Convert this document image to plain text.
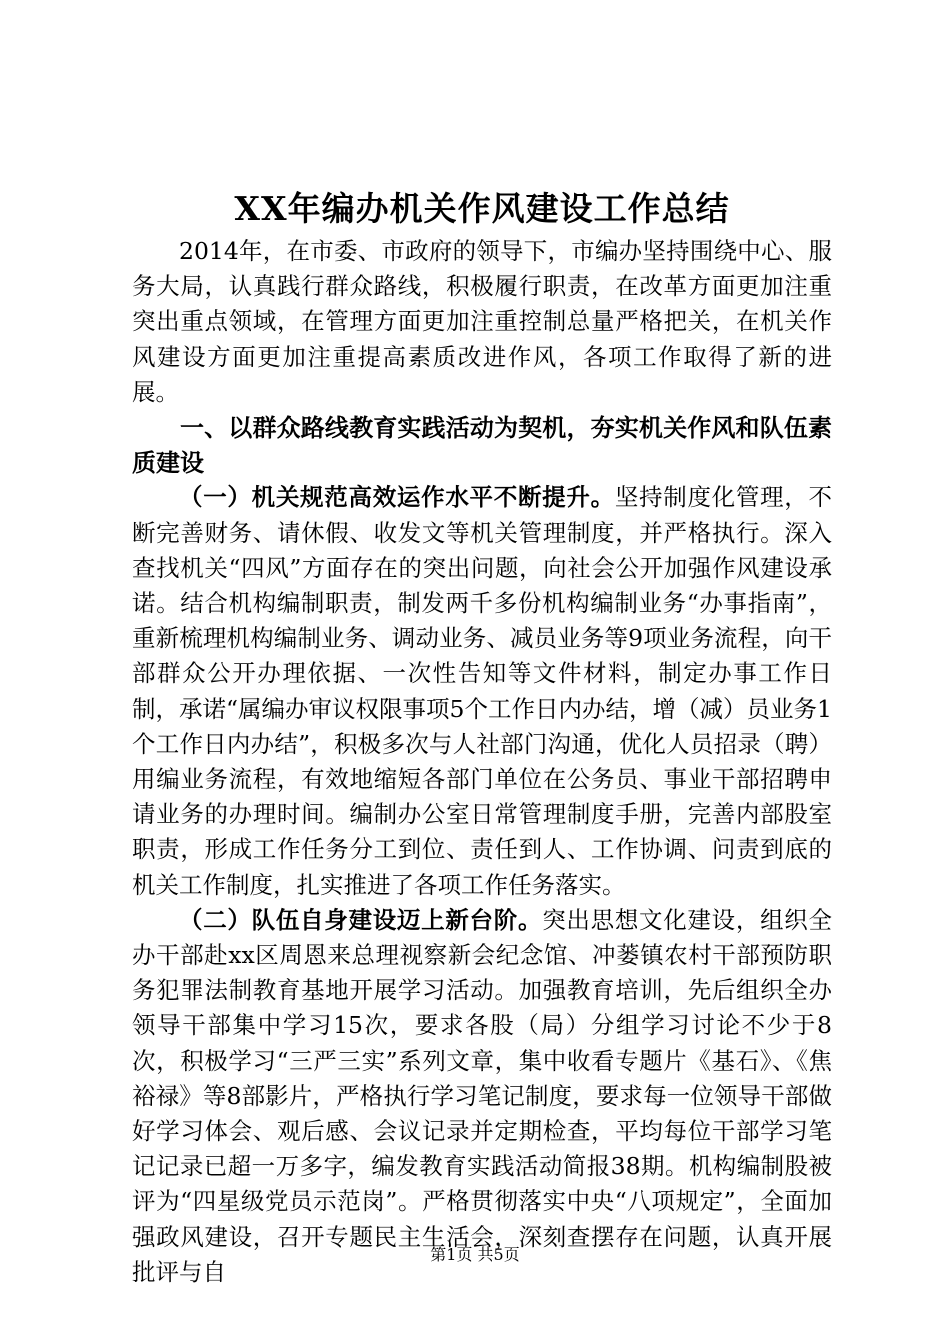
XX年编办机关作风建设工作总结

2014年，在市委、市政府的领导下，市编办坚持围绕中心、服务大局，认真践行群众路线，积极履行职责，在改革方面更加注重突出重点领域，在管理方面更加注重控制总量严格把关，在机关作风建设方面更加注重提高素质改进作风，各项工作取得了新的进展。

一、以群众路线教育实践活动为契机，夯实机关作风和队伍素质建设

（一）机关规范高效运作水平不断提升。坚持制度化管理，不断完善财务、请休假、收发文等机关管理制度，并严格执行。深入查找机关“四风”方面存在的突出问题，向社会公开加强作风建设承诺。结合机构编制职责，制发两千多份机构编制业务“办事指南”，重新梳理机构编制业务、调动业务、减员业务等9项业务流程，向干部群众公开办理依据、一次性告知等文件材料，制定办事工作日制，承诺“属编办审议权限事项5个工作日内办结，增（减）员业务1个工作日内办结”，积极多次与人社部门沟通，优化人员招录（聘）用编业务流程，有效地缩短各部门单位在公务员、事业干部招聘申请业务的办理时间。编制办公室日常管理制度手册，完善内部股室职责，形成工作任务分工到位、责任到人、工作协调、问责到底的机关工作制度，扎实推进了各项工作任务落实。

（二）队伍自身建设迈上新台阶。突出思想文化建设，组织全办干部赴xx区周恩来总理视察新会纪念馆、冲蒌镇农村干部预防职务犯罪法制教育基地开展学习活动。加强教育培训，先后组织全办领导干部集中学习15次，要求各股（局）分组学习讨论不少于8次，积极学习“三严三实”系列文章，集中收看专题片《基石》、《焦裕禄》等8部影片，严格执行学习笔记制度，要求每一位领导干部做好学习体会、观后感、会议记录并定期检查，平均每位干部学习笔记记录已超一万多字，编发教育实践活动简报38期。机构编制股被评为“四星级党员示范岗”。严格贯彻落实中央“八项规定”，全面加强政风建设，召开专题民主生活会，深刻查摆存在问题，认真开展批评与自

第1页 共5页
